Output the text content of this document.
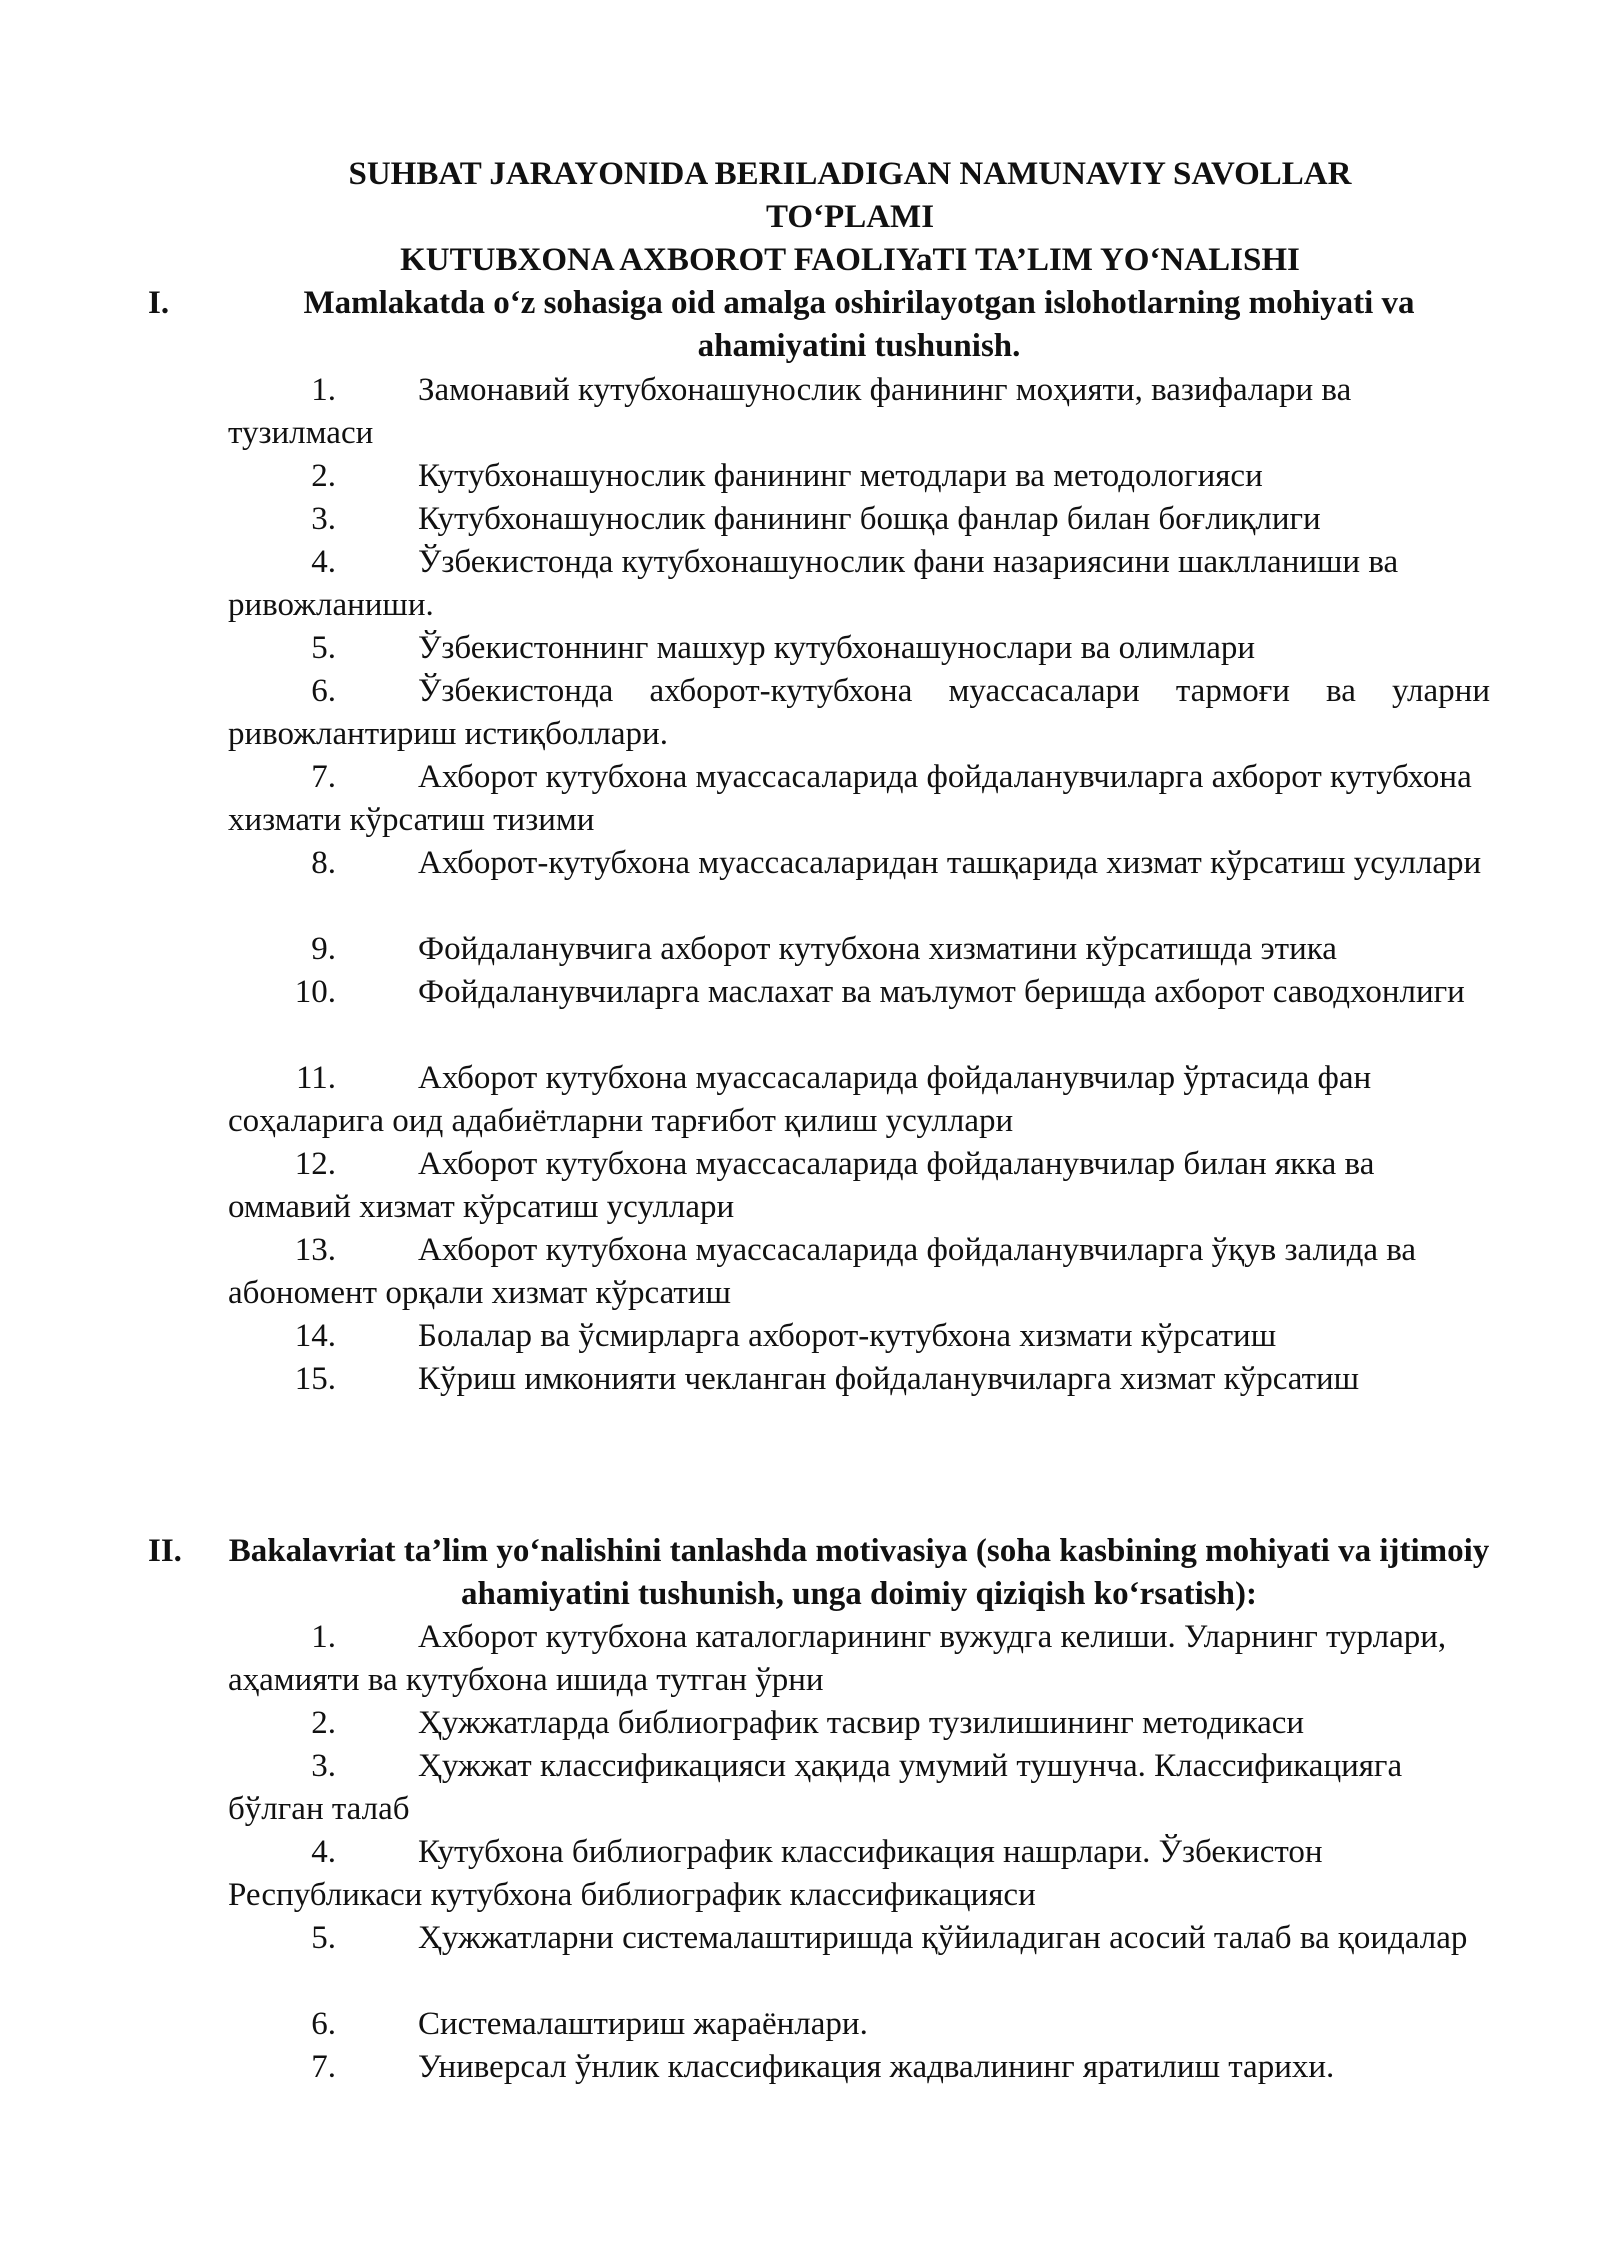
SUHBAT JARAYONIDA BERILADIGAN NAMUNAVIY SAVOLLAR
TO‘PLAMI
KUTUBXONA AXBOROT FAOLIYaTI TA’LIM YO‘NALISHI
I.	Mamlakatda o‘z sohasiga oid amalga oshirilayotgan islohotlarning mohiyati va ahamiyatini tushunish.
1.	Замонавий кутубхонашунослик фанининг моҳияти, вазифалари ва тузилмаси
2.	Кутубхонашунослик фанининг методлари ва методологияси
3.	Кутубхонашунослик фанининг бошқа фанлар билан боғлиқлиги
4.	Ўзбекистонда кутубхонашунослик фани назариясини шаклланиши ва ривожланиши.
5.	Ўзбекистоннинг машхур кутубхонашунослари ва олимлари
6.	Ўзбекистонда ахборот-кутубхона муассасалари тармоғи ва уларни ривожлантириш истиқболлари.
7.	Ахборот кутубхона муассасаларида фойдаланувчиларга ахборот кутубхона хизмати кўрсатиш тизими
8.	Ахборот-кутубхона муассасаларидан ташқарида хизмат кўрсатиш усуллари
9.	Фойдаланувчига ахборот кутубхона хизматини кўрсатишда этика
10.	Фойдаланувчиларга маслахат ва маълумот беришда ахборот саводхонлиги
11.	Ахборот кутубхона муассасаларида фойдаланувчилар ўртасида фан соҳаларига оид адабиётларни тарғибот қилиш усуллари
12.	Ахборот кутубхона муассасаларида фойдаланувчилар билан якка ва оммавий хизмат кўрсатиш усуллари
13.	Ахборот кутубхона муассасаларида фойдаланувчиларга ўқув залида ва абономент орқали хизмат кўрсатиш
14.	Болалар ва ўсмирларга ахборот-кутубхона хизмати кўрсатиш
15.	Кўриш имконияти чекланган фойдаланувчиларга хизмат кўрсатиш
II. Bakalavriat ta’lim yo‘nalishini tanlashda motivasiya (soha kasbining mohiyati va ijtimoiy ahamiyatini tushunish, unga doimiy qiziqish ko‘rsatish):
1.	Ахборот кутубхона каталогларининг вужудга келиши. Уларнинг турлари, аҳамияти ва кутубхона ишида тутган ўрни
2.	Ҳужжатларда библиографик тасвир тузилишининг методикаси
3.	Ҳужжат классификацияси ҳақида умумий тушунча. Классификацияга бўлган талаб
4.	Кутубхона библиографик классификация нашрлари. Ўзбекистон Республикаси кутубхона библиографик классификацияси
5.	Ҳужжатларни системалаштиришда қўйиладиган асосий талаб ва қоидалар
6.	Системалаштириш жараёнлари.
7.	Универсал ўнлик классификация жадвалининг яратилиш тарихи.
